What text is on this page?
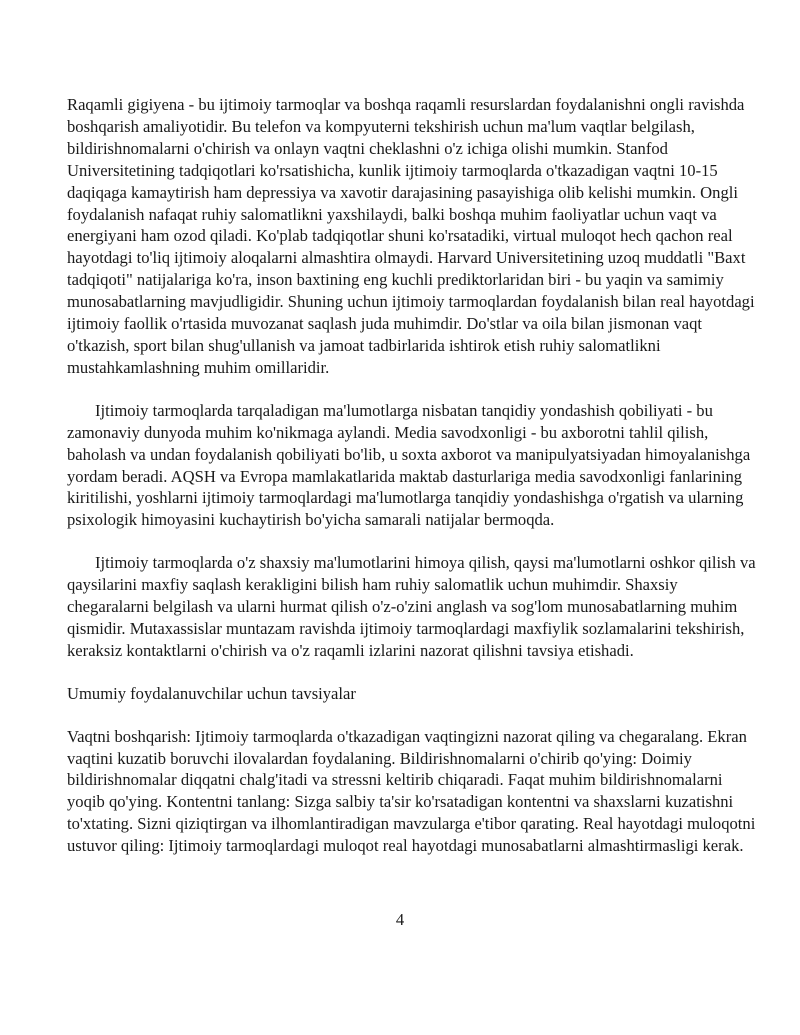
Raqamli gigiyena - bu ijtimoiy tarmoqlar va boshqa raqamli resurslardan foydalanishni ongli ravishda boshqarish amaliyotidir. Bu telefon va kompyuterni tekshirish uchun ma'lum vaqtlar belgilash, bildirishnomalarni o'chirish va onlayn vaqtni cheklashni o'z ichiga olishi mumkin. Stanfod Universitetining tadqiqotlari ko'rsatishicha, kunlik ijtimoiy tarmoqlarda o'tkazadigan vaqtni 10-15 daqiqaga kamaytirish ham depressiya va xavotir darajasining pasayishiga olib kelishi mumkin. Ongli foydalanish nafaqat ruhiy salomatlikni yaxshilaydi, balki boshqa muhim faoliyatlar uchun vaqt va energiyani ham ozod qiladi. Ko'plab tadqiqotlar shuni ko'rsatadiki, virtual muloqot hech qachon real hayotdagi to'liq ijtimoiy aloqalarni almashtira olmaydi. Harvard Universitetining uzoq muddatli "Baxt tadqiqoti" natijalariga ko'ra, inson baxtining eng kuchli prediktorlaridan biri - bu yaqin va samimiy munosabatlarning mavjudligidir. Shuning uchun ijtimoiy tarmoqlardan foydalanish bilan real hayotdagi ijtimoiy faollik o'rtasida muvozanat saqlash juda muhimdir. Do'stlar va oila bilan jismonan vaqt o'tkazish, sport bilan shug'ullanish va jamoat tadbirlarida ishtirok etish ruhiy salomatlikni mustahkamlashning muhim omillaridir.

Ijtimoiy tarmoqlarda tarqaladigan ma'lumotlarga nisbatan tanqidiy yondashish qobiliyati - bu zamonaviy dunyoda muhim ko'nikmaga aylandi. Media savodxonligi - bu axborotni tahlil qilish, baholash va undan foydalanish qobiliyati bo'lib, u soxta axborot va manipulyatsiyadan himoyalanishga yordam beradi. AQSH va Evropa mamlakatlarida maktab dasturlariga media savodxonligi fanlarining kiritilishi, yoshlarni ijtimoiy tarmoqlardagi ma'lumotlarga tanqidiy yondashishga o'rgatish va ularning psixologik himoyasini kuchaytirish bo'yicha samarali natijalar bermoqda.

Ijtimoiy tarmoqlarda o'z shaxsiy ma'lumotlarini himoya qilish, qaysi ma'lumotlarni oshkor qilish va qaysilarini maxfiy saqlash kerakligini bilish ham ruhiy salomatlik uchun muhimdir. Shaxsiy chegaralarni belgilash va ularni hurmat qilish o'z-o'zini anglash va sog'lom munosabatlarning muhim qismidir. Mutaxassislar muntazam ravishda ijtimoiy tarmoqlardagi maxfiylik sozlamalarini tekshirish, keraksiz kontaktlarni o'chirish va o'z raqamli izlarini nazorat qilishni tavsiya etishadi.

Umumiy foydalanuvchilar uchun tavsiyalar

Vaqtni boshqarish: Ijtimoiy tarmoqlarda o'tkazadigan vaqtingizni nazorat qiling va chegaralang. Ekran vaqtini kuzatib boruvchi ilovalardan foydalaning. Bildirishnomalarni o'chirib qo'ying: Doimiy bildirishnomalar diqqatni chalg'itadi va stressni keltirib chiqaradi. Faqat muhim bildirishnomalarni yoqib qo'ying. Kontentni tanlang: Sizga salbiy ta'sir ko'rsatadigan kontentni va shaxslarni kuzatishni to'xtating. Sizni qiziqtirgan va ilhomlantiradigan mavzularga e'tibor qarating. Real hayotdagi muloqotni ustuvor qiling: Ijtimoiy tarmoqlardagi muloqot real hayotdagi munosabatlarni almashtirmasligi kerak.

4
